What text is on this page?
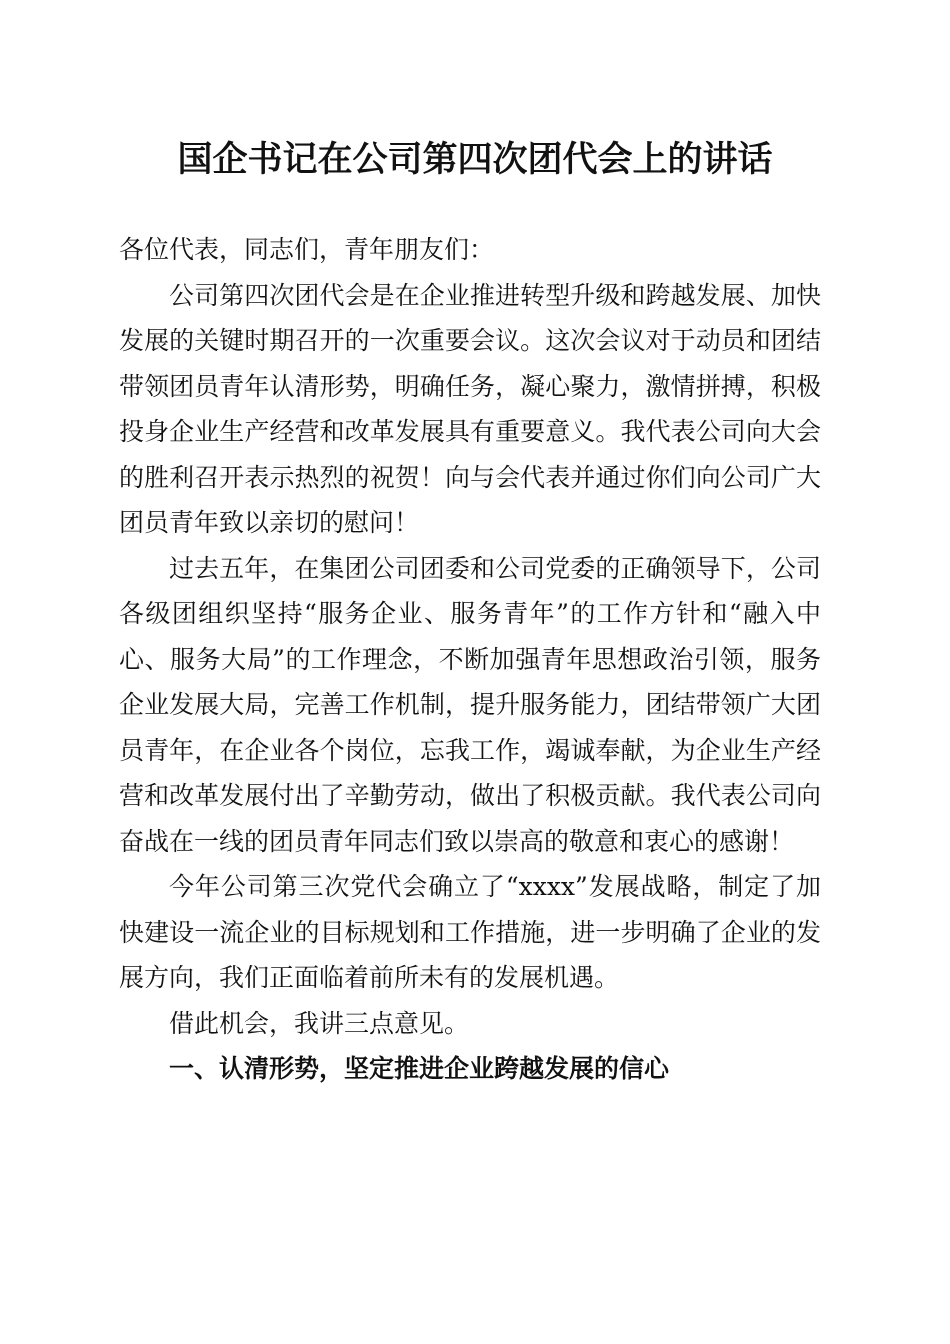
国企书记在公司第四次团代会上的讲话

各位代表，同志们，青年朋友们：

公司第四次团代会是在企业推进转型升级和跨越发展、加快发展的关键时期召开的一次重要会议。这次会议对于动员和团结带领团员青年认清形势，明确任务，凝心聚力，激情拼搏，积极投身企业生产经营和改革发展具有重要意义。我代表公司向大会的胜利召开表示热烈的祝贺！向与会代表并通过你们向公司广大团员青年致以亲切的慰问！

过去五年，在集团公司团委和公司党委的正确领导下，公司各级团组织坚持“服务企业、服务青年”的工作方针和“融入中心、服务大局”的工作理念，不断加强青年思想政治引领，服务企业发展大局，完善工作机制，提升服务能力，团结带领广大团员青年，在企业各个岗位，忘我工作，竭诚奉献，为企业生产经营和改革发展付出了辛勤劳动，做出了积极贡献。我代表公司向奋战在一线的团员青年同志们致以崇高的敬意和衷心的感谢！

今年公司第三次党代会确立了“xxxx”发展战略，制定了加快建设一流企业的目标规划和工作措施，进一步明确了企业的发展方向，我们正面临着前所未有的发展机遇。

借此机会，我讲三点意见。

一、认清形势，坚定推进企业跨越发展的信心
